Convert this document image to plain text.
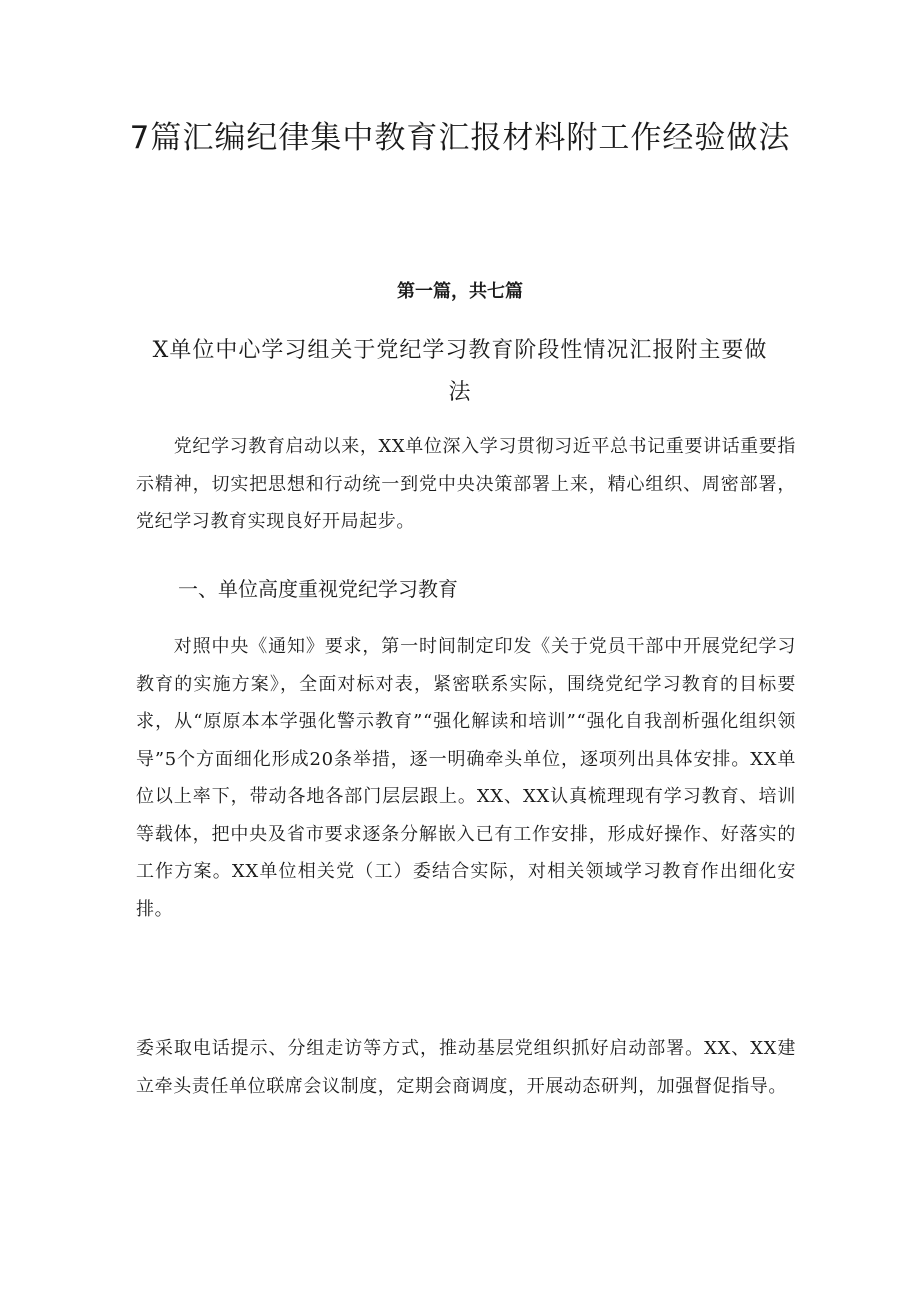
7篇汇编纪律集中教育汇报材料附工作经验做法

第一篇，共七篇

X单位中心学习组关于党纪学习教育阶段性情况汇报附主要做法

党纪学习教育启动以来，XX单位深入学习贯彻习近平总书记重要讲话重要指示精神，切实把思想和行动统一到党中央决策部署上来，精心组织、周密部署，党纪学习教育实现良好开局起步。

一、单位高度重视党纪学习教育

对照中央《通知》要求，第一时间制定印发《关于党员干部中开展党纪学习教育的实施方案》，全面对标对表，紧密联系实际，围绕党纪学习教育的目标要求，从“原原本本学强化警示教育”“强化解读和培训”“强化自我剖析强化组织领导”5个方面细化形成20条举措，逐一明确牵头单位，逐项列出具体安排。XX单位以上率下，带动各地各部门层层跟上。XX、XX认真梳理现有学习教育、培训等载体，把中央及省市要求逐条分解嵌入已有工作安排，形成好操作、好落实的工作方案。XX单位相关党（工）委结合实际，对相关领域学习教育作出细化安排。

委采取电话提示、分组走访等方式，推动基层党组织抓好启动部署。XX、XX建立牵头责任单位联席会议制度，定期会商调度，开展动态研判，加强督促指导。
